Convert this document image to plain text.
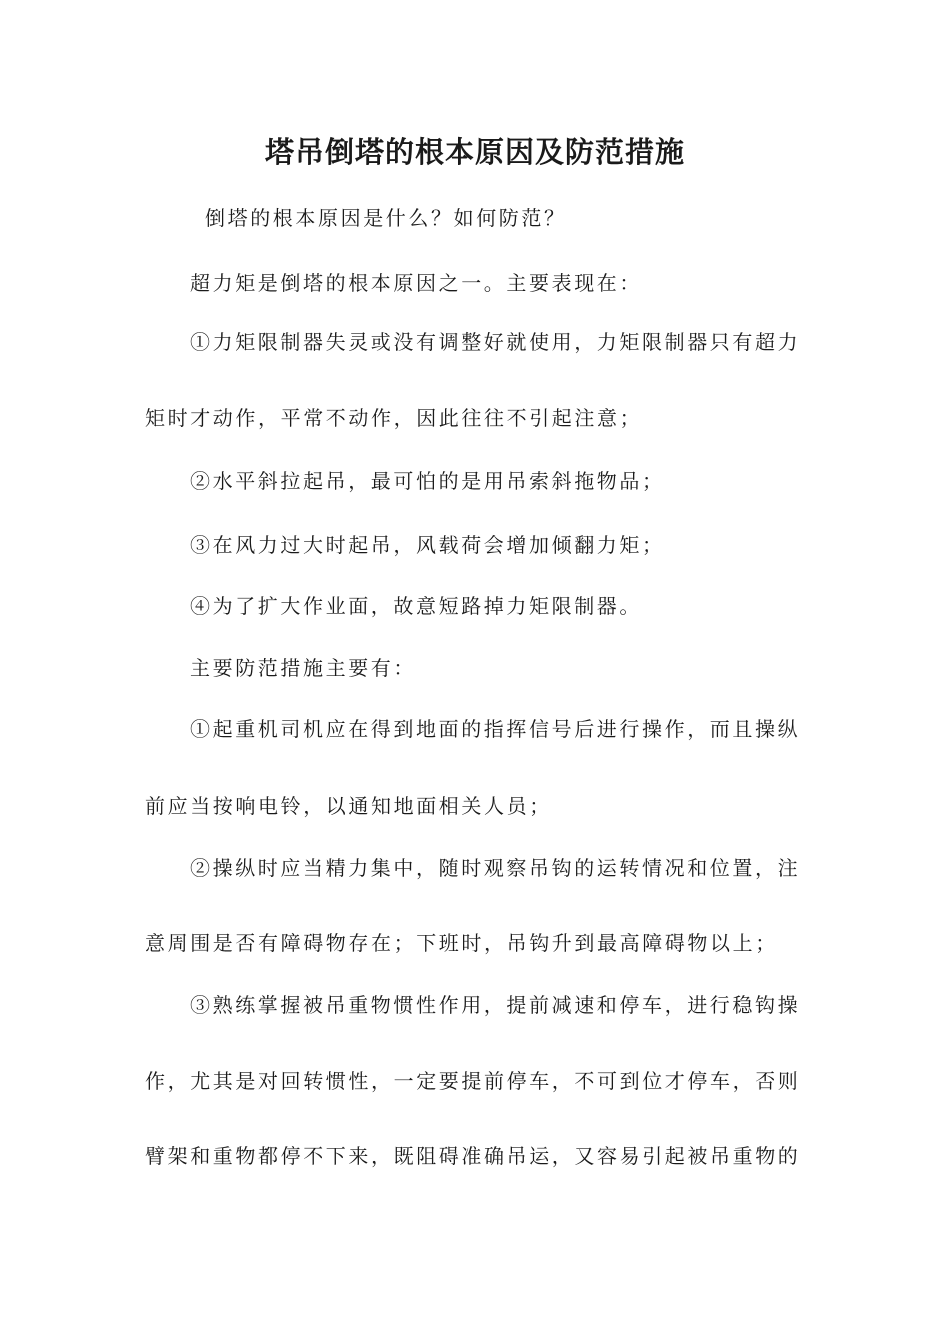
塔吊倒塔的根本原因及防范措施
倒塔的根本原因是什么？如何防范？
超力矩是倒塔的根本原因之一。主要表现在：
①力矩限制器失灵或没有调整好就使用，力矩限制器只有超力
矩时才动作，平常不动作，因此往往不引起注意；
②水平斜拉起吊，最可怕的是用吊索斜拖物品；
③在风力过大时起吊，风载荷会增加倾翻力矩；
④为了扩大作业面，故意短路掉力矩限制器。
主要防范措施主要有：
①起重机司机应在得到地面的指挥信号后进行操作，而且操纵
前应当按响电铃，以通知地面相关人员；
②操纵时应当精力集中，随时观察吊钩的运转情况和位置，注
意周围是否有障碍物存在；下班时，吊钩升到最高障碍物以上；
③熟练掌握被吊重物惯性作用，提前减速和停车，进行稳钩操
作，尤其是对回转惯性，一定要提前停车，不可到位才停车，否则
臂架和重物都停不下来，既阻碍准确吊运，又容易引起被吊重物的
